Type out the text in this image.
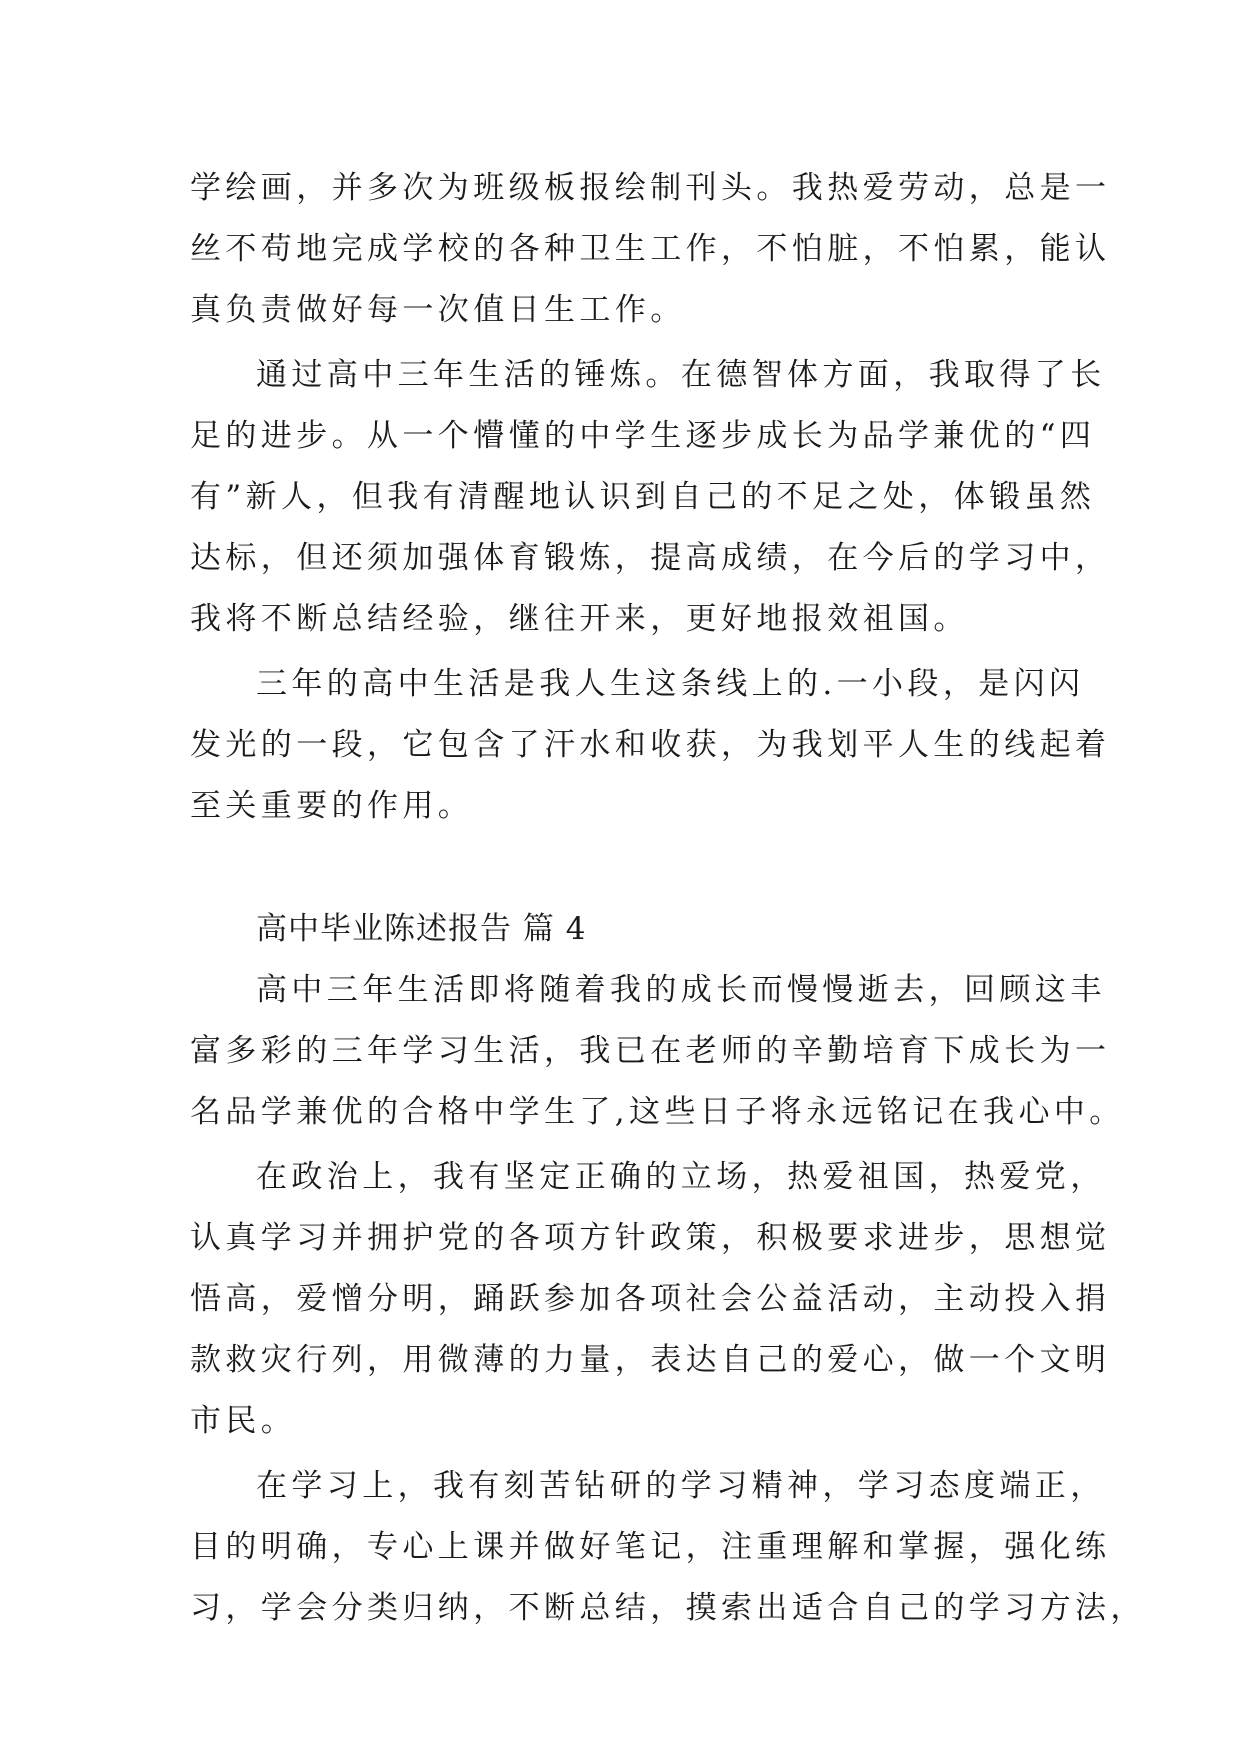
学绘画，并多次为班级板报绘制刊头。我热爱劳动，总是一
丝不苟地完成学校的各种卫生工作，不怕脏，不怕累，能认
真负责做好每一次值日生工作。
通过高中三年生活的锤炼。在德智体方面，我取得了长
足的进步。从一个懵懂的中学生逐步成长为品学兼优的“四
有”新人，但我有清醒地认识到自己的不足之处，体锻虽然
达标，但还须加强体育锻炼，提高成绩，在今后的学习中，
我将不断总结经验，继往开来，更好地报效祖国。
三年的高中生活是我人生这条线上的.一小段，是闪闪
发光的一段，它包含了汗水和收获，为我划平人生的线起着
至关重要的作用。
高中毕业陈述报告 篇 4
高中三年生活即将随着我的成长而慢慢逝去，回顾这丰
富多彩的三年学习生活，我已在老师的辛勤培育下成长为一
名品学兼优的合格中学生了,这些日子将永远铭记在我心中。
在政治上，我有坚定正确的立场，热爱祖国，热爱党，
认真学习并拥护党的各项方针政策，积极要求进步，思想觉
悟高，爱憎分明，踊跃参加各项社会公益活动，主动投入捐
款救灾行列，用微薄的力量，表达自己的爱心，做一个文明
市民。
在学习上，我有刻苦钻研的学习精神，学习态度端正，
目的明确，专心上课并做好笔记，注重理解和掌握，强化练
习，学会分类归纳，不断总结，摸索出适合自己的学习方法，
